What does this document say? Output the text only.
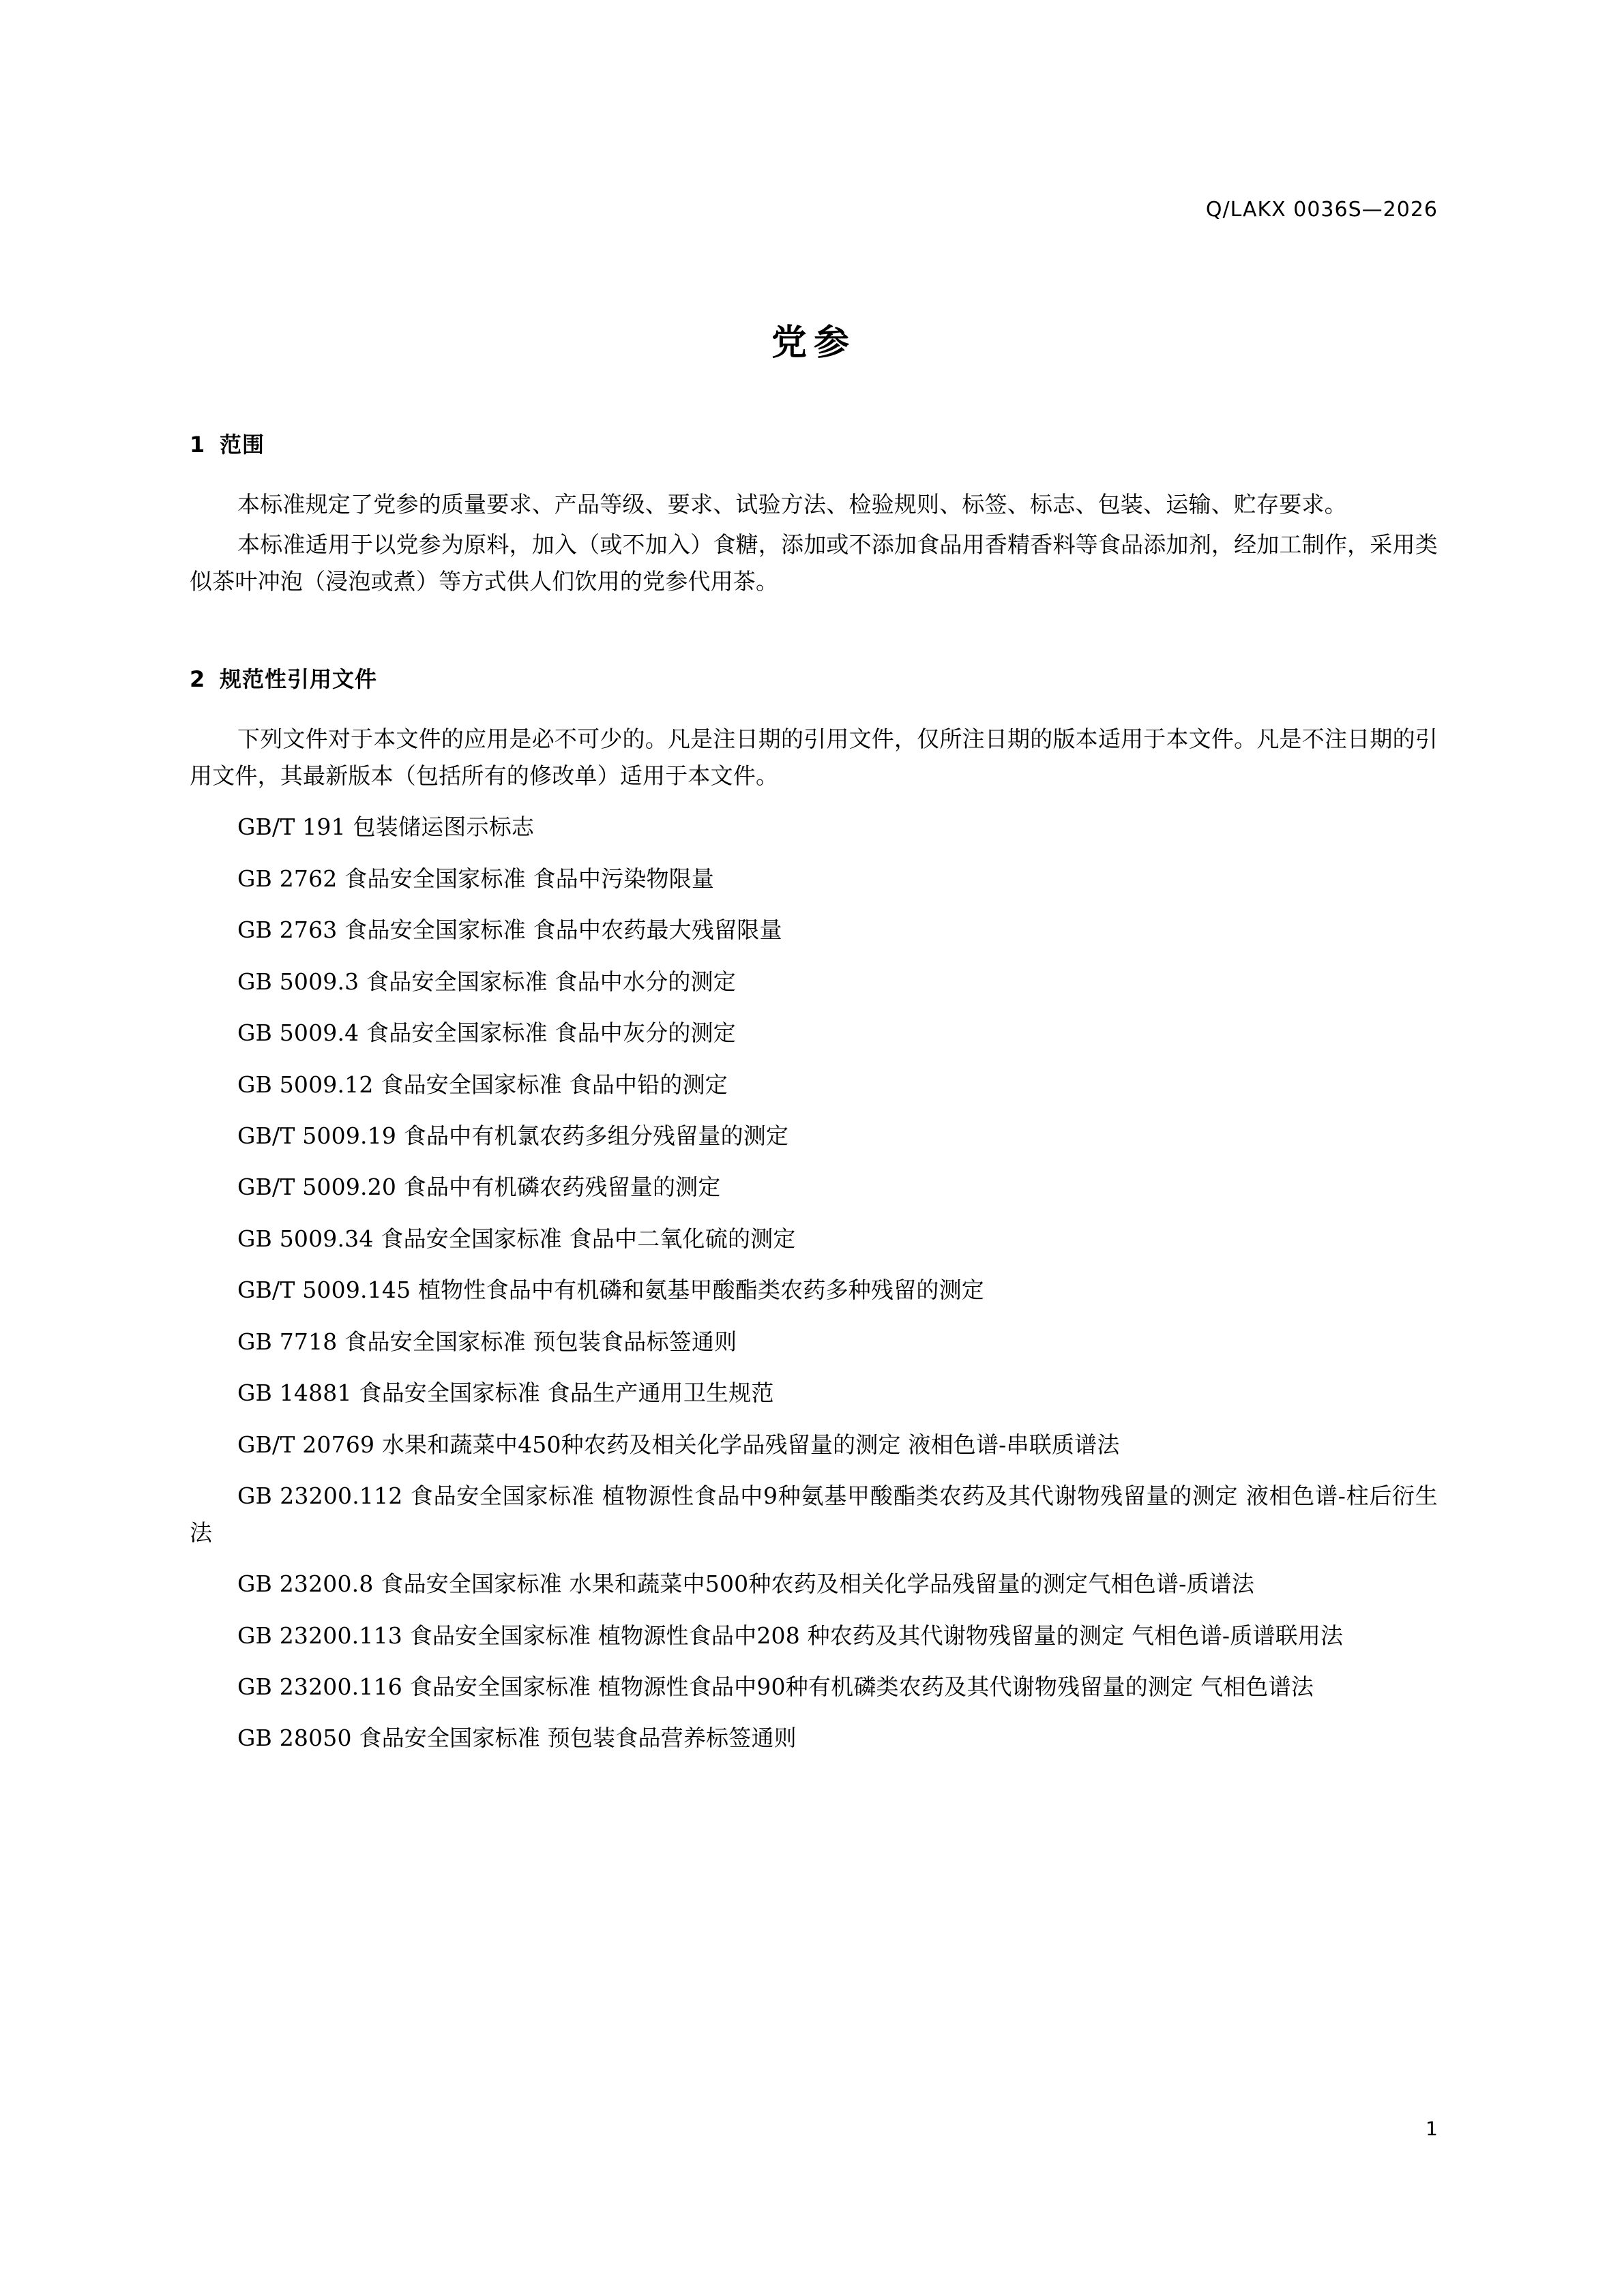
Q/LAKX 0036S—2026
党参
1 范围

本标准规定了党参的质量要求、产品等级、要求、试验方法、检验规则、标签、标志、包装、运输、贮存要求。

本标准适用于以党参为原料，加入（或不加入）食糖，添加或不添加食品用香精香料等食品添加剂，经加工制作，采用类似茶叶冲泡（浸泡或煮）等方式供人们饮用的党参代用茶。

2 规范性引用文件

下列文件对于本文件的应用是必不可少的。凡是注日期的引用文件，仅所注日期的版本适用于本文件。凡是不注日期的引用文件，其最新版本（包括所有的修改单）适用于本文件。

GB/T 191 包装储运图示标志

GB 2762 食品安全国家标准 食品中污染物限量

GB 2763 食品安全国家标准 食品中农药最大残留限量

GB 5009.3 食品安全国家标准 食品中水分的测定

GB 5009.4 食品安全国家标准 食品中灰分的测定

GB 5009.12 食品安全国家标准 食品中铅的测定

GB/T 5009.19 食品中有机氯农药多组分残留量的测定

GB/T 5009.20 食品中有机磷农药残留量的测定

GB 5009.34 食品安全国家标准 食品中二氧化硫的测定

GB/T 5009.145 植物性食品中有机磷和氨基甲酸酯类农药多种残留的测定

GB 7718 食品安全国家标准 预包装食品标签通则

GB 14881 食品安全国家标准 食品生产通用卫生规范

GB/T 20769 水果和蔬菜中450种农药及相关化学品残留量的测定 液相色谱-串联质谱法

GB 23200.112 食品安全国家标准 植物源性食品中9种氨基甲酸酯类农药及其代谢物残留量的测定 液相色谱-柱后衍生法

GB 23200.8 食品安全国家标准 水果和蔬菜中500种农药及相关化学品残留量的测定气相色谱-质谱法

GB 23200.113 食品安全国家标准 植物源性食品中208 种农药及其代谢物残留量的测定 气相色谱-质谱联用法

GB 23200.116 食品安全国家标准 植物源性食品中90种有机磷类农药及其代谢物残留量的测定 气相色谱法

GB 28050 食品安全国家标准 预包装食品营养标签通则

1
